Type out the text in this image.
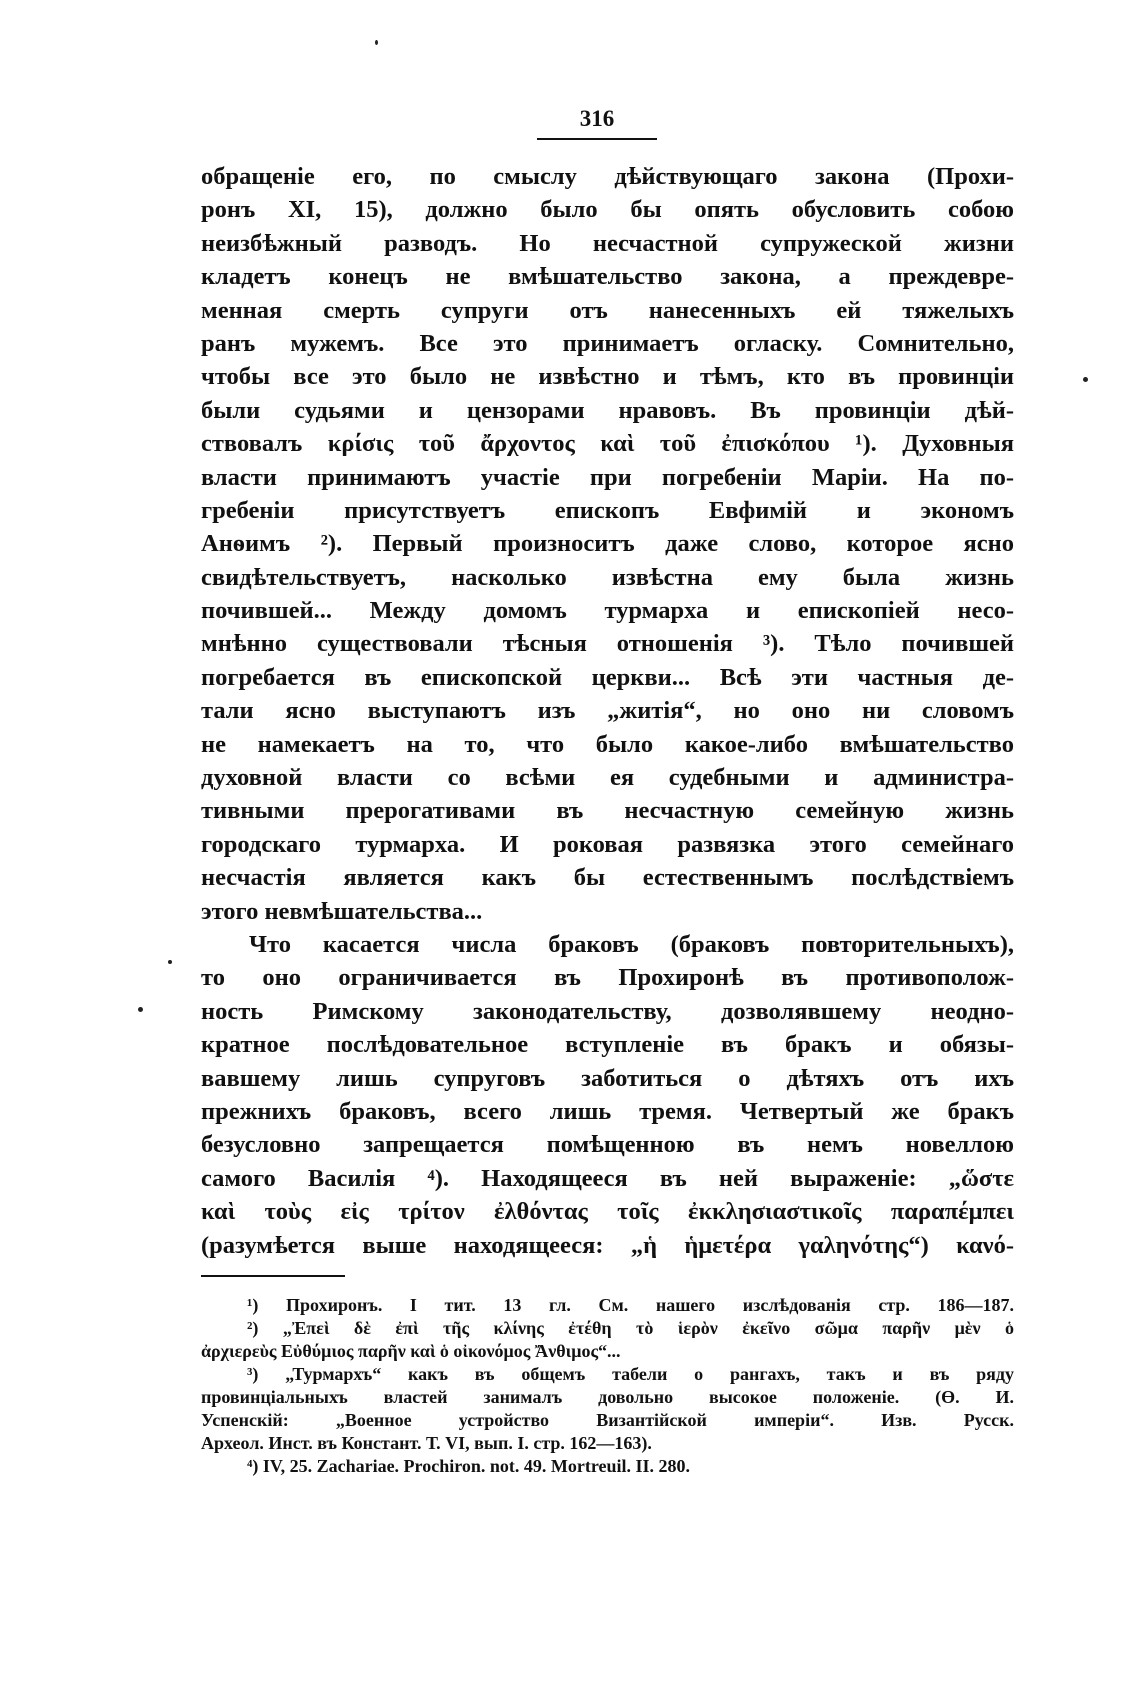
316
обращенiе его, по смыслу дѣйствующаго закона (Прохи-
ронъ XI, 15), должно было бы опять обусловить собою
неизбѣжный разводъ. Но несчастной супружеской жизни
кладетъ конецъ не вмѣшательство закона, а преждевре-
менная смерть супруги отъ нанесенныхъ ей тяжелыхъ
ранъ мужемъ. Все это принимаетъ огласку. Сомнительно,
чтобы все это было не извѣстно и тѣмъ, кто въ провинцiи
были судьями и цензорами нравовъ. Въ провинцiи дѣй-
ствовалъ κρίσις τοῦ ἄρχοντος καὶ τοῦ ἐπισκόπου ¹). Духовныя
власти принимаютъ участiе при погребенiи Марiи. На по-
гребенiи присутствуетъ епископъ Евфимiй и экономъ
Анѳимъ ²). Первый произноситъ даже слово, которое ясно
свидѣтельствуетъ, насколько извѣстна ему была жизнь
почившей... Между домомъ турмарха и епископiей несо-
мнѣнно существовали тѣсныя отношенiя ³). Тѣло почившей
погребается въ епископской церкви... Всѣ эти частныя де-
тали ясно выступаютъ изъ „житiя“, но оно ни словомъ
не намекаетъ на то, что было какое-либо вмѣшательство
духовной власти со всѣми ея судебными и администра-
тивными прерогативами въ несчастную семейную жизнь
городскаго турмарха. И роковая развязка этого семейнаго
несчастiя является какъ бы естественнымъ послѣдствiемъ
этого невмѣшательства...
Что касается числа браковъ (браковъ повторительныхъ),
то оно ограничивается въ Прохиронѣ въ противополож-
ность Римскому законодательству, дозволявшему неодно-
кратное послѣдовательное вступленiе въ бракъ и обязы-
вавшему лишь супруговъ заботиться о дѣтяхъ отъ ихъ
прежнихъ браковъ, всего лишь тремя. Четвертый же бракъ
безусловно запрещается помѣщенною въ немъ новеллою
самого Василiя ⁴). Находящееся въ ней выраженiе: „ὥστε
καὶ τοὺς εἰς τρίτον ἐλθόντας τοῖς ἐκκλησιαστικοῖς παραπέμπει
(разумѣется выше находящееся: „ἡ ἡμετέρα γαληνότης“) κανό-
¹) Прохиронъ. I тит. 13 гл. См. нашего изслѣдованiя стр. 186—187.
²) „Ἐπεὶ δὲ ἐπὶ τῆς κλίνης ἐτέθη τὸ ἱερὸν ἐκεῖνο σῶμα παρῆν μὲν ὁ
ἀρχιερεὺς Εὐθύμιος παρῆν καὶ ὁ οἰκονόμος Ἄνθιμος“...
³) „Турмархъ“ какъ въ общемъ табели о рангахъ, такъ и въ ряду
провинцiальныхъ властей занималъ довольно высокое положенiе. (Ө. И.
Успенскiй: „Военное устройство Византiйской имперiи“. Изв. Русск.
Археол. Инст. въ Констант. Т. VI, вып. I. стр. 162—163).
⁴) IV, 25. Zachariae. Prochiron. not. 49. Mortreuil. II. 280.
